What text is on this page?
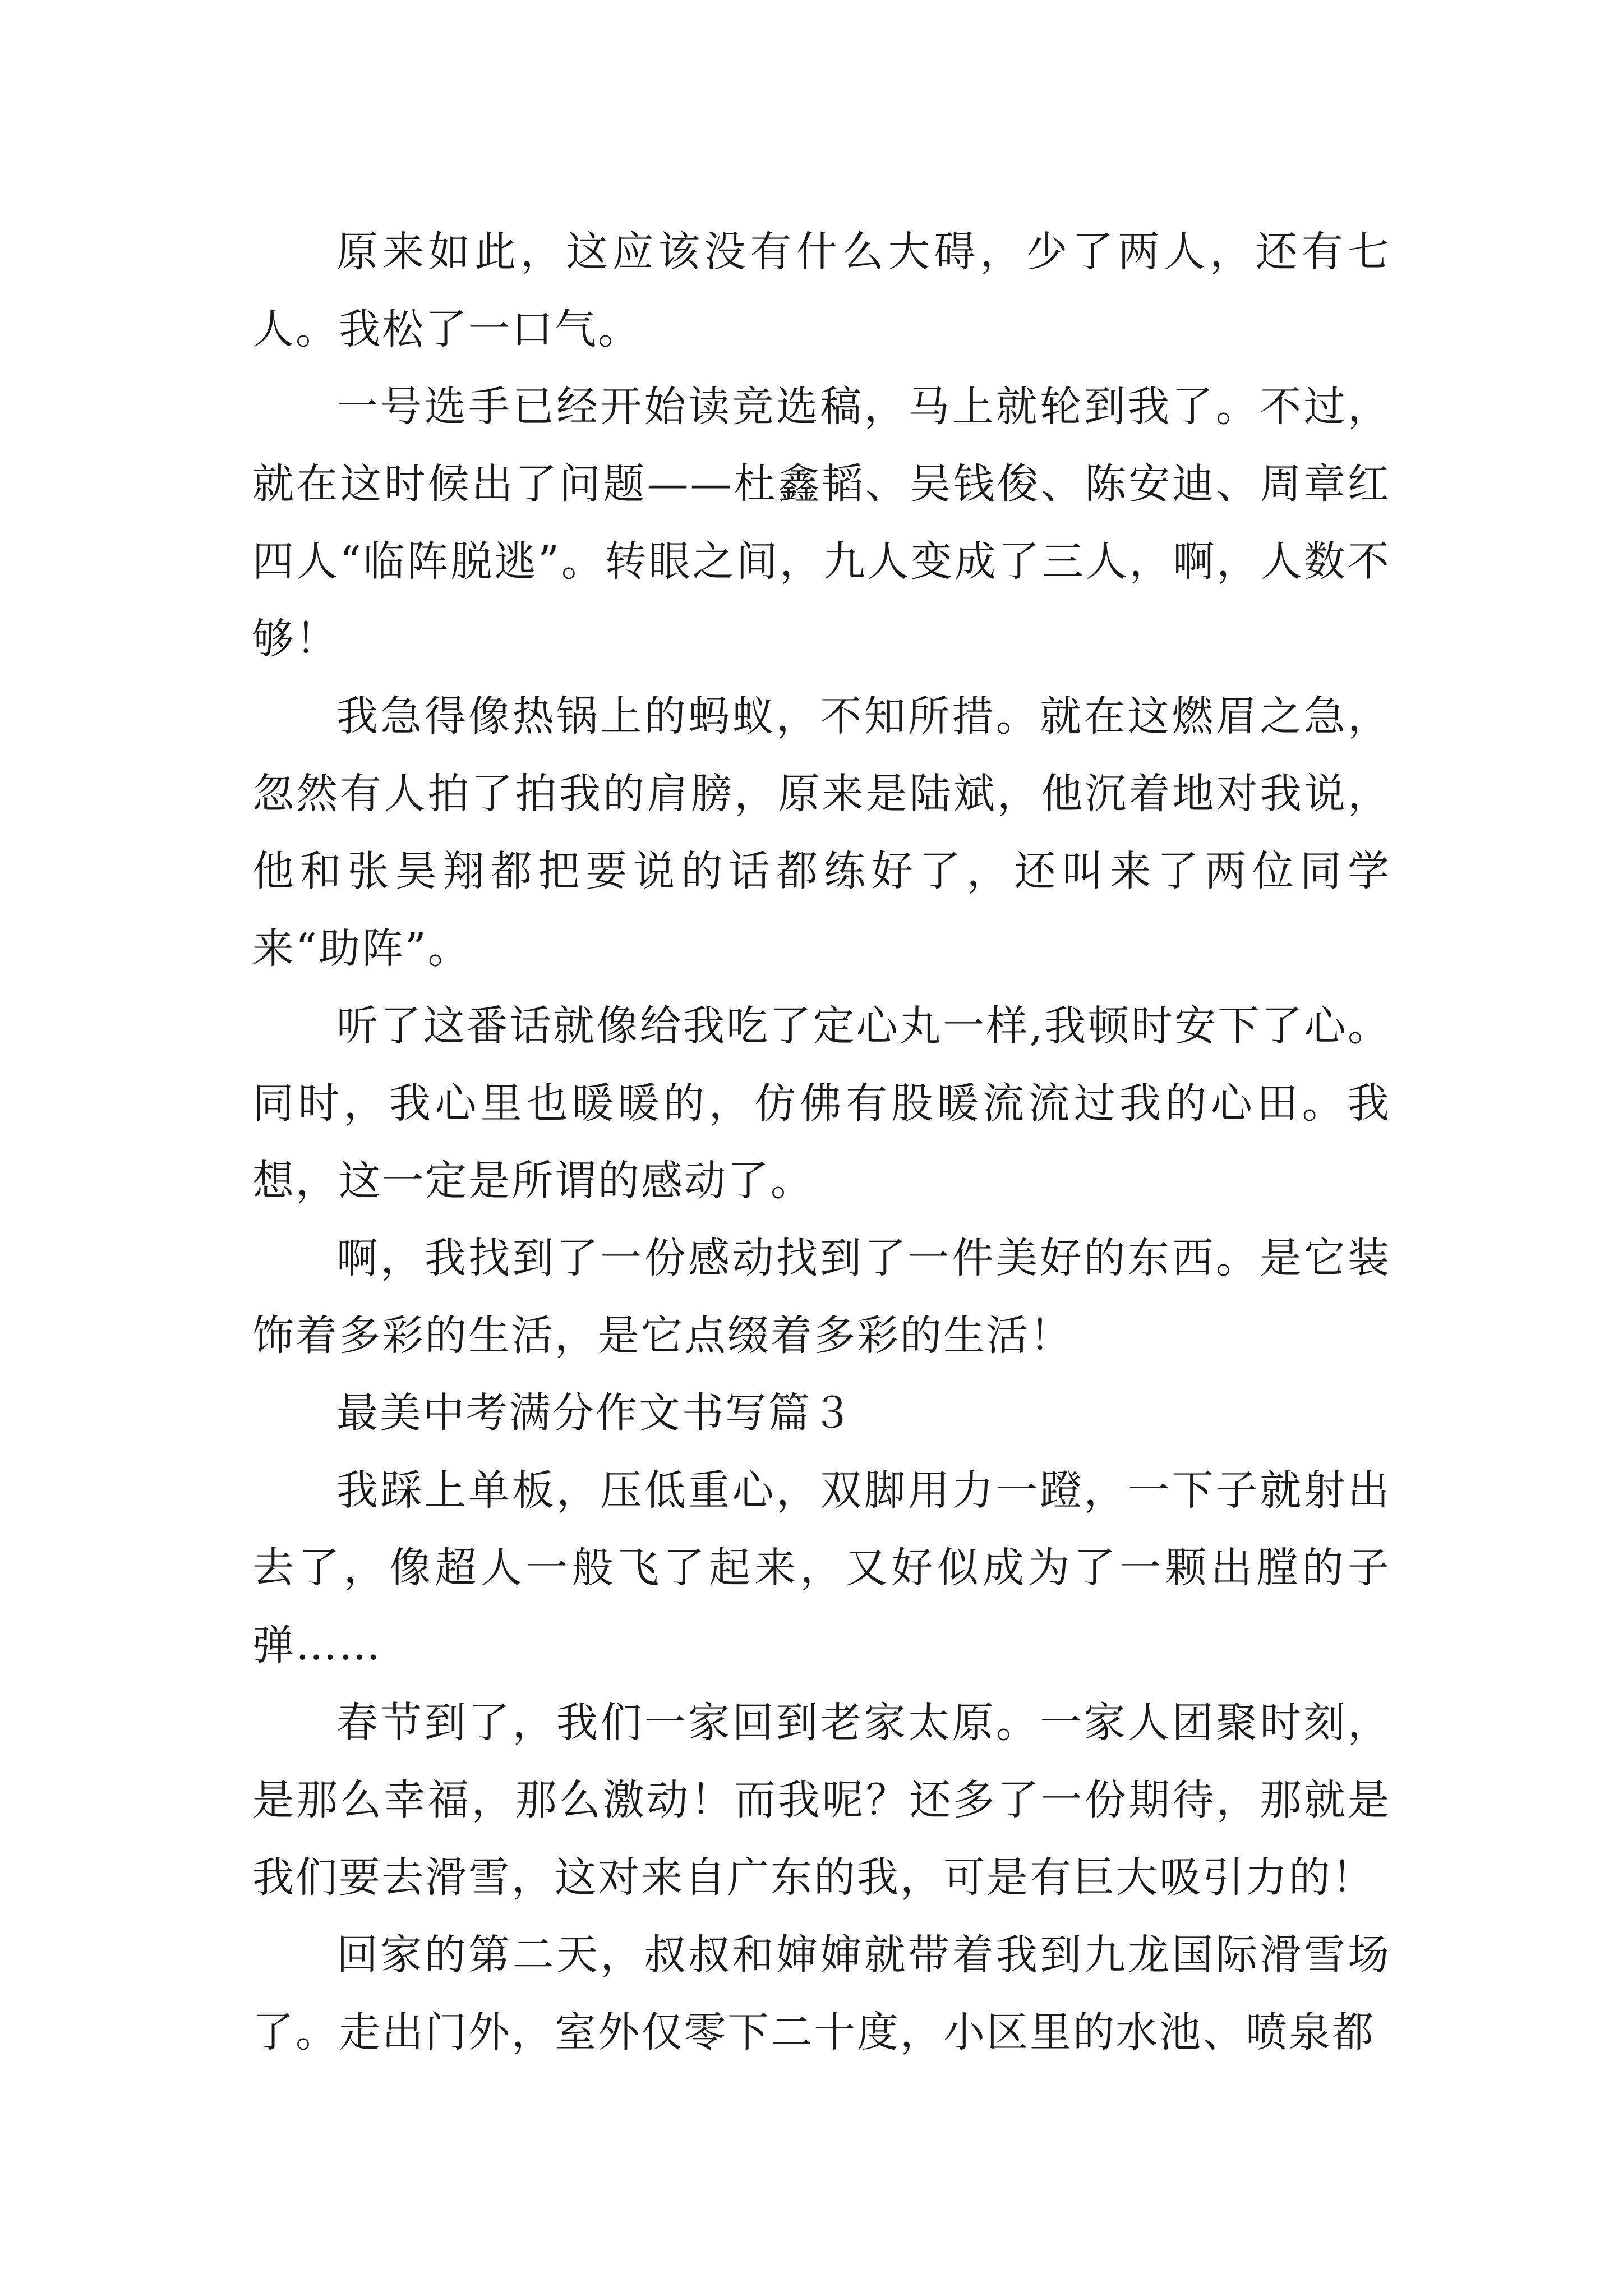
原来如此，这应该没有什么大碍，少了两人，还有七人。我松了一口气。

一号选手已经开始读竞选稿，马上就轮到我了。不过，就在这时候出了问题——杜鑫韬、吴钱俊、陈安迪、周章红四人“临阵脱逃”。转眼之间，九人变成了三人，啊，人数不够！

我急得像热锅上的蚂蚁，不知所措。就在这燃眉之急，忽然有人拍了拍我的肩膀，原来是陆斌，他沉着地对我说，他和张昊翔都把要说的话都练好了，还叫来了两位同学来“助阵”。

听了这番话就像给我吃了定心丸一样,我顿时安下了心。同时，我心里也暖暖的，仿佛有股暖流流过我的心田。我想，这一定是所谓的感动了。

啊，我找到了一份感动找到了一件美好的东西。是它装饰着多彩的生活，是它点缀着多彩的生活！

最美中考满分作文书写篇３

我踩上单板，压低重心，双脚用力一蹬，一下子就射出去了，像超人一般飞了起来，又好似成为了一颗出膛的子弹……

春节到了，我们一家回到老家太原。一家人团聚时刻，是那么幸福，那么激动！而我呢？还多了一份期待，那就是我们要去滑雪，这对来自广东的我，可是有巨大吸引力的！

回家的第二天，叔叔和婶婶就带着我到九龙国际滑雪场了。走出门外，室外仅零下二十度，小区里的水池、喷泉都
